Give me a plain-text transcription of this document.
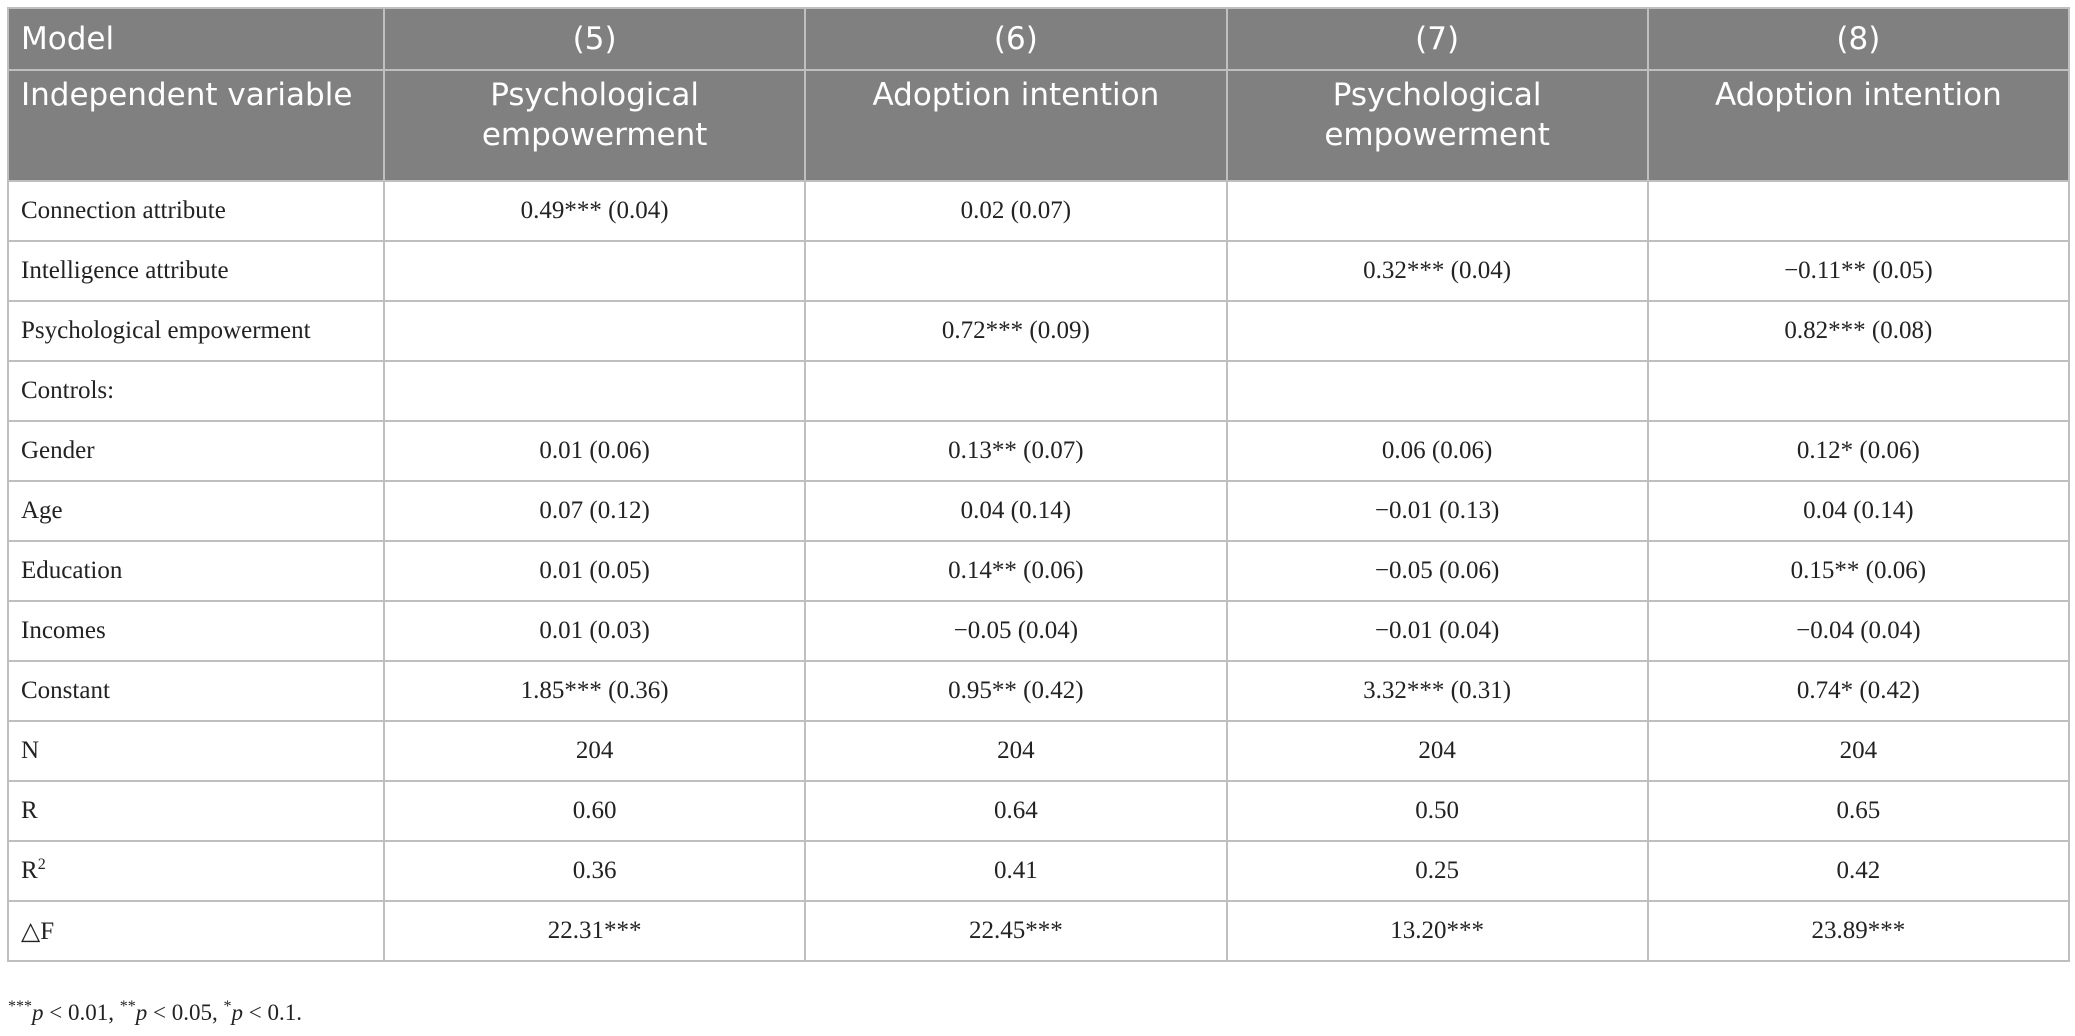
Model	(5)	(6)	(7)	(8)
Independent variable	Psychological empowerment	Adoption intention	Psychological empowerment	Adoption intention
Connection attribute	0.49*** (0.04)	0.02 (0.07)		
Intelligence attribute			0.32*** (0.04)	−0.11** (0.05)
Psychological empowerment		0.72*** (0.09)		0.82*** (0.08)
Controls:				
Gender	0.01 (0.06)	0.13** (0.07)	0.06 (0.06)	0.12* (0.06)
Age	0.07 (0.12)	0.04 (0.14)	−0.01 (0.13)	0.04 (0.14)
Education	0.01 (0.05)	0.14** (0.06)	−0.05 (0.06)	0.15** (0.06)
Incomes	0.01 (0.03)	−0.05 (0.04)	−0.01 (0.04)	−0.04 (0.04)
Constant	1.85*** (0.36)	0.95** (0.42)	3.32*** (0.31)	0.74* (0.42)
N	204	204	204	204
R	0.60	0.64	0.50	0.65
$R^2$	0.36	0.41	0.25	0.42
△F	22.31***	22.45***	13.20***	23.89***
***p < 0.01, **p < 0.05, *p < 0.1.
